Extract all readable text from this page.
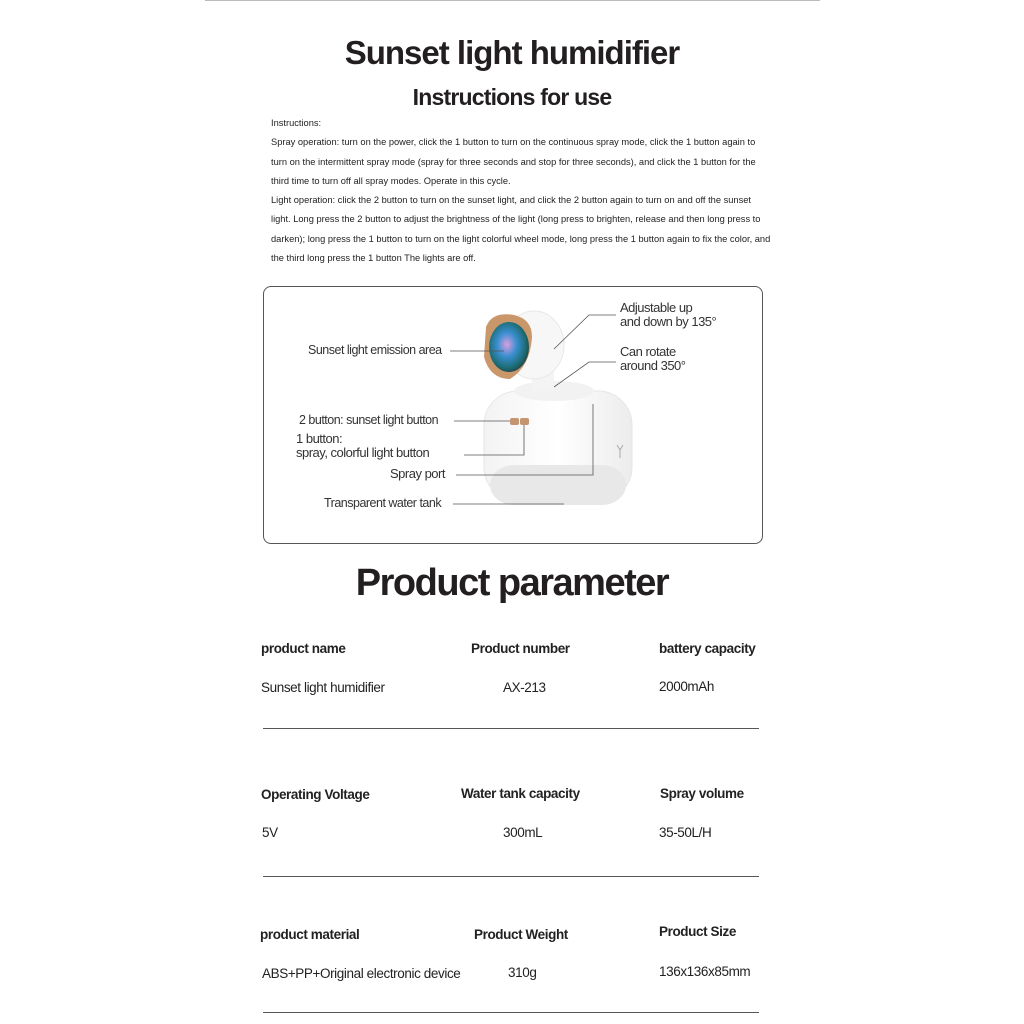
Sunset light humidifier
Instructions for use
Instructions:
Spray operation: turn on the power, click the 1 button to turn on the continuous spray mode, click the 1 button again to turn on the intermittent spray mode (spray for three seconds and stop for three seconds), and click the 1 button for the third time to turn off all spray modes. Operate in this cycle.
Light operation: click the 2 button to turn on the sunset light, and click the 2 button again to turn on and off the sunset light. Long press the 2 button to adjust the brightness of the light (long press to brighten, release and then long press to darken); long press the 1 button to turn on the light colorful wheel mode, long press the 1 button again to fix the color, and the third long press the 1 button The lights are off.
Adjustable up
and down by 135°
Can rotate
around 350°
Sunset light emission area
2 button: sunset light button
1 button:
spray, colorful light button
Spray port
Transparent water tank
Product parameter
product name	Product number	battery capacity
Sunset light humidifier	AX-213	2000mAh
Operating Voltage	Water tank capacity	Spray volume
5V	300mL	35-50L/H
product material	Product Weight	Product Size
ABS+PP+Original electronic device	310g	136x136x85mm
